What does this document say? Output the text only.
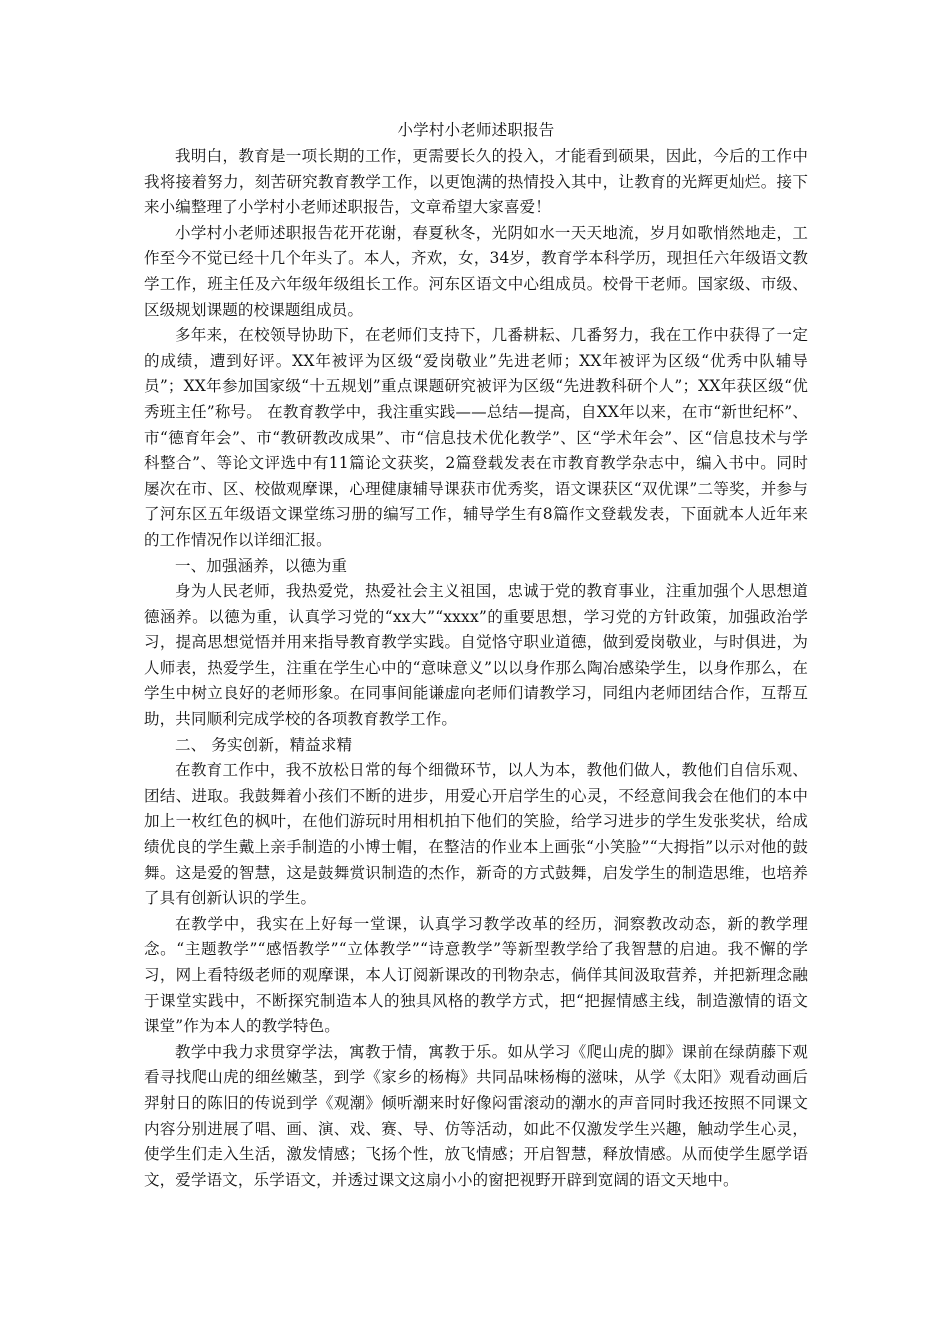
小学村小老师述职报告

我明白，教育是一项长期的工作，更需要长久的投入，才能看到硕果，因此，今后的工作中我将接着努力，刻苦研究教育教学工作，以更饱满的热情投入其中，让教育的光辉更灿烂。接下来小编整理了小学村小老师述职报告，文章希望大家喜爱！

小学村小老师述职报告花开花谢，春夏秋冬，光阴如水一天天地流，岁月如歌悄然地走，工作至今不觉已经十几个年头了。本人，齐欢，女，34岁，教育学本科学历，现担任六年级语文教学工作，班主任及六年级年级组长工作。河东区语文中心组成员。校骨干老师。国家级、市级、区级规划课题的校课题组成员。

多年来，在校领导协助下，在老师们支持下，几番耕耘、几番努力，我在工作中获得了一定的成绩，遭到好评。XX年被评为区级“爱岗敬业”先进老师；XX年被评为区级“优秀中队辅导员”；XX年参加国家级“十五规划”重点课题研究被评为区级“先进教科研个人”；XX年获区级“优秀班主任”称号。 在教育教学中，我注重实践——总结—提高，自XX年以来，在市“新世纪杯”、市“德育年会”、市“教研教改成果”、市“信息技术优化教学”、区“学术年会”、区“信息技术与学科整合”、等论文评选中有11篇论文获奖，2篇登载发表在市教育教学杂志中，编入书中。同时屡次在市、区、校做观摩课，心理健康辅导课获市优秀奖，语文课获区“双优课”二等奖，并参与了河东区五年级语文课堂练习册的编写工作，辅导学生有8篇作文登载发表，下面就本人近年来的工作情况作以详细汇报。

一、加强涵养，以德为重

身为人民老师，我热爱党，热爱社会主义祖国，忠诚于党的教育事业，注重加强个人思想道德涵养。以德为重，认真学习党的“xx大”“xxxx”的重要思想，学习党的方针政策，加强政治学习，提高思想觉悟并用来指导教育教学实践。自觉恪守职业道德，做到爱岗敬业，与时俱进，为人师表，热爱学生，注重在学生心中的“意味意义”以以身作那么陶冶感染学生，以身作那么，在学生中树立良好的老师形象。在同事间能谦虚向老师们请教学习，同组内老师团结合作，互帮互助，共同顺利完成学校的各项教育教学工作。

二、 务实创新，精益求精

在教育工作中，我不放松日常的每个细微环节，以人为本，教他们做人，教他们自信乐观、团结、进取。我鼓舞着小孩们不断的进步，用爱心开启学生的心灵，不经意间我会在他们的本中加上一枚红色的枫叶，在他们游玩时用相机拍下他们的笑脸，给学习进步的学生发张奖状，给成绩优良的学生戴上亲手制造的小博士帽，在整洁的作业本上画张“小笑脸”“大拇指”以示对他的鼓舞。这是爱的智慧，这是鼓舞赏识制造的杰作，新奇的方式鼓舞，启发学生的制造思维，也培养了具有创新认识的学生。

在教学中，我实在上好每一堂课，认真学习教学改革的经历，洞察教改动态，新的教学理念。“主题教学”“感悟教学”“立体教学”“诗意教学”等新型教学给了我智慧的启迪。我不懈的学习，网上看特级老师的观摩课，本人订阅新课改的刊物杂志，倘佯其间汲取营养，并把新理念融于课堂实践中，不断探究制造本人的独具风格的教学方式，把“把握情感主线，制造激情的语文课堂”作为本人的教学特色。

教学中我力求贯穿学法，寓教于情，寓教于乐。如从学习《爬山虎的脚》课前在绿荫藤下观看寻找爬山虎的细丝嫩茎，到学《家乡的杨梅》共同品味杨梅的滋味，从学《太阳》观看动画后羿射日的陈旧的传说到学《观潮》倾听潮来时好像闷雷滚动的潮水的声音同时我还按照不同课文内容分别进展了唱、画、演、戏、赛、导、仿等活动，如此不仅激发学生兴趣，触动学生心灵，使学生们走入生活，激发情感；飞扬个性，放飞情感；开启智慧，释放情感。从而使学生愿学语文，爱学语文，乐学语文，并透过课文这扇小小的窗把视野开辟到宽阔的语文天地中。
